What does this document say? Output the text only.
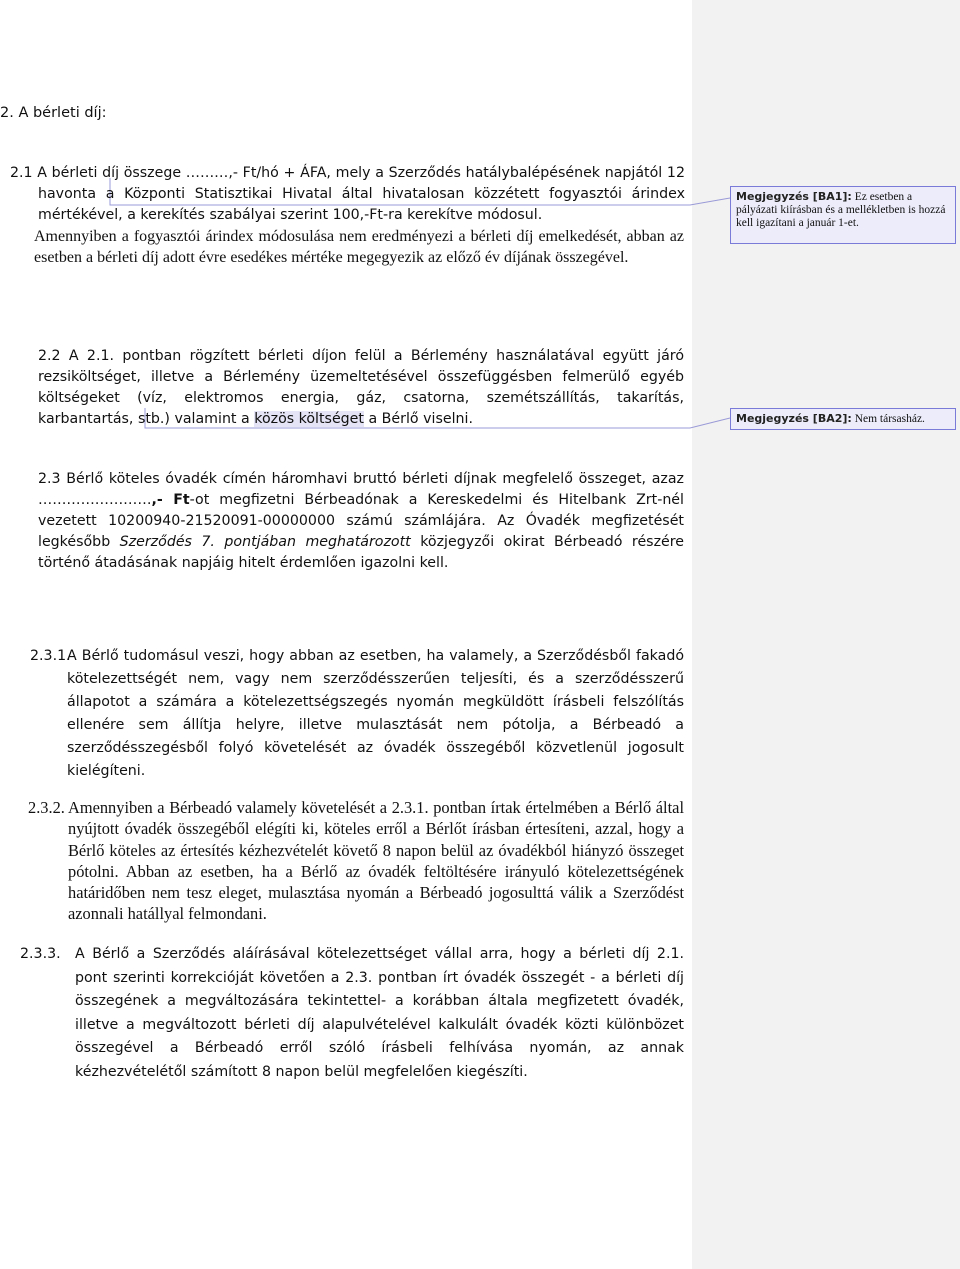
2. A bérleti díj:
2.1 A bérleti díj összege ………,- Ft/hó + ÁFA, mely a Szerződés hatálybalépésének napjától 12
havonta a Központi Statisztikai Hivatal által hivatalosan közzétett fogyasztói árindex
mértékével, a kerekítés szabályai szerint 100,-Ft-ra kerekítve módosul.
Amennyiben a fogyasztói árindex módosulása nem eredményezi a bérleti díj emelkedését, abban az esetben a bérleti díj adott évre esedékes mértéke megegyezik az előző év díjának összegével.
Megjegyzés [BA1]: Ez esetben a pályázati kiírásban és a mellékletben is hozzá kell igazítani a január 1-et.
2.2 A 2.1. pontban rögzített bérleti díjon felül a Bérlemény használatával együtt járó rezsiköltséget, illetve a Bérlemény üzemeltetésével összefüggésben felmerülő egyéb költségeket (víz, elektromos energia, gáz, csatorna, szemétszállítás, takarítás, karbantartás, stb.) valamint a közös költséget a Bérlő viselni.	Megjegyzés [BA2]: Nem társasház.
2.3 Bérlő köteles óvadék címén háromhavi bruttó bérleti díjnak megfelelő összeget, azaz ……………………,- Ft-ot megfizetni Bérbeadónak a Kereskedelmi és Hitelbank Zrt-nél vezetett 10200940-21520091-00000000 számú számlájára. Az Óvadék megfizetését legkésőbb Szerződés 7. pontjában meghatározott közjegyzői okirat Bérbeadó részére történő átadásának napjáig hitelt érdemlően igazolni kell.
2.3.1.
A Bérlő tudomásul veszi, hogy abban az esetben, ha valamely, a Szerződésből fakadó kötelezettségét nem, vagy nem szerződésszerűen teljesíti, és a szerződésszerű állapotot a számára a kötelezettségszegés nyomán megküldött írásbeli felszólítás ellenére sem állítja helyre, illetve mulasztását nem pótolja, a Bérbeadó a szerződésszegésből folyó követelését az óvadék összegéből közvetlenül jogosult kielégíteni.
2.3.2. Amennyiben a Bérbeadó valamely követelését a 2.3.1. pontban írtak értelmében a Bérlő által nyújtott óvadék összegéből elégíti ki, köteles erről a Bérlőt írásban értesíteni, azzal, hogy a Bérlő köteles az értesítés kézhezvételét követő 8 napon belül az óvadékból hiányzó összeget pótolni. Abban az esetben, ha a Bérlő az óvadék feltöltésére irányuló kötelezettségének határidőben nem tesz eleget, mulasztása nyomán a Bérbeadó jogosulttá válik a Szerződést azonnali hatállyal felmondani.
2.3.3.	A Bérlő a Szerződés aláírásával kötelezettséget vállal arra, hogy a bérleti díj 2.1. pont szerinti korrekcióját követően a 2.3. pontban írt óvadék összegét - a bérleti díj összegének a megváltozására tekintettel- a korábban általa megfizetett óvadék, illetve a megváltozott bérleti díj alapulvételével kalkulált óvadék közti különbözet összegével a Bérbeadó erről szóló írásbeli felhívása nyomán, az annak kézhezvételétől számított 8 napon belül megfelelően kiegészíti.
